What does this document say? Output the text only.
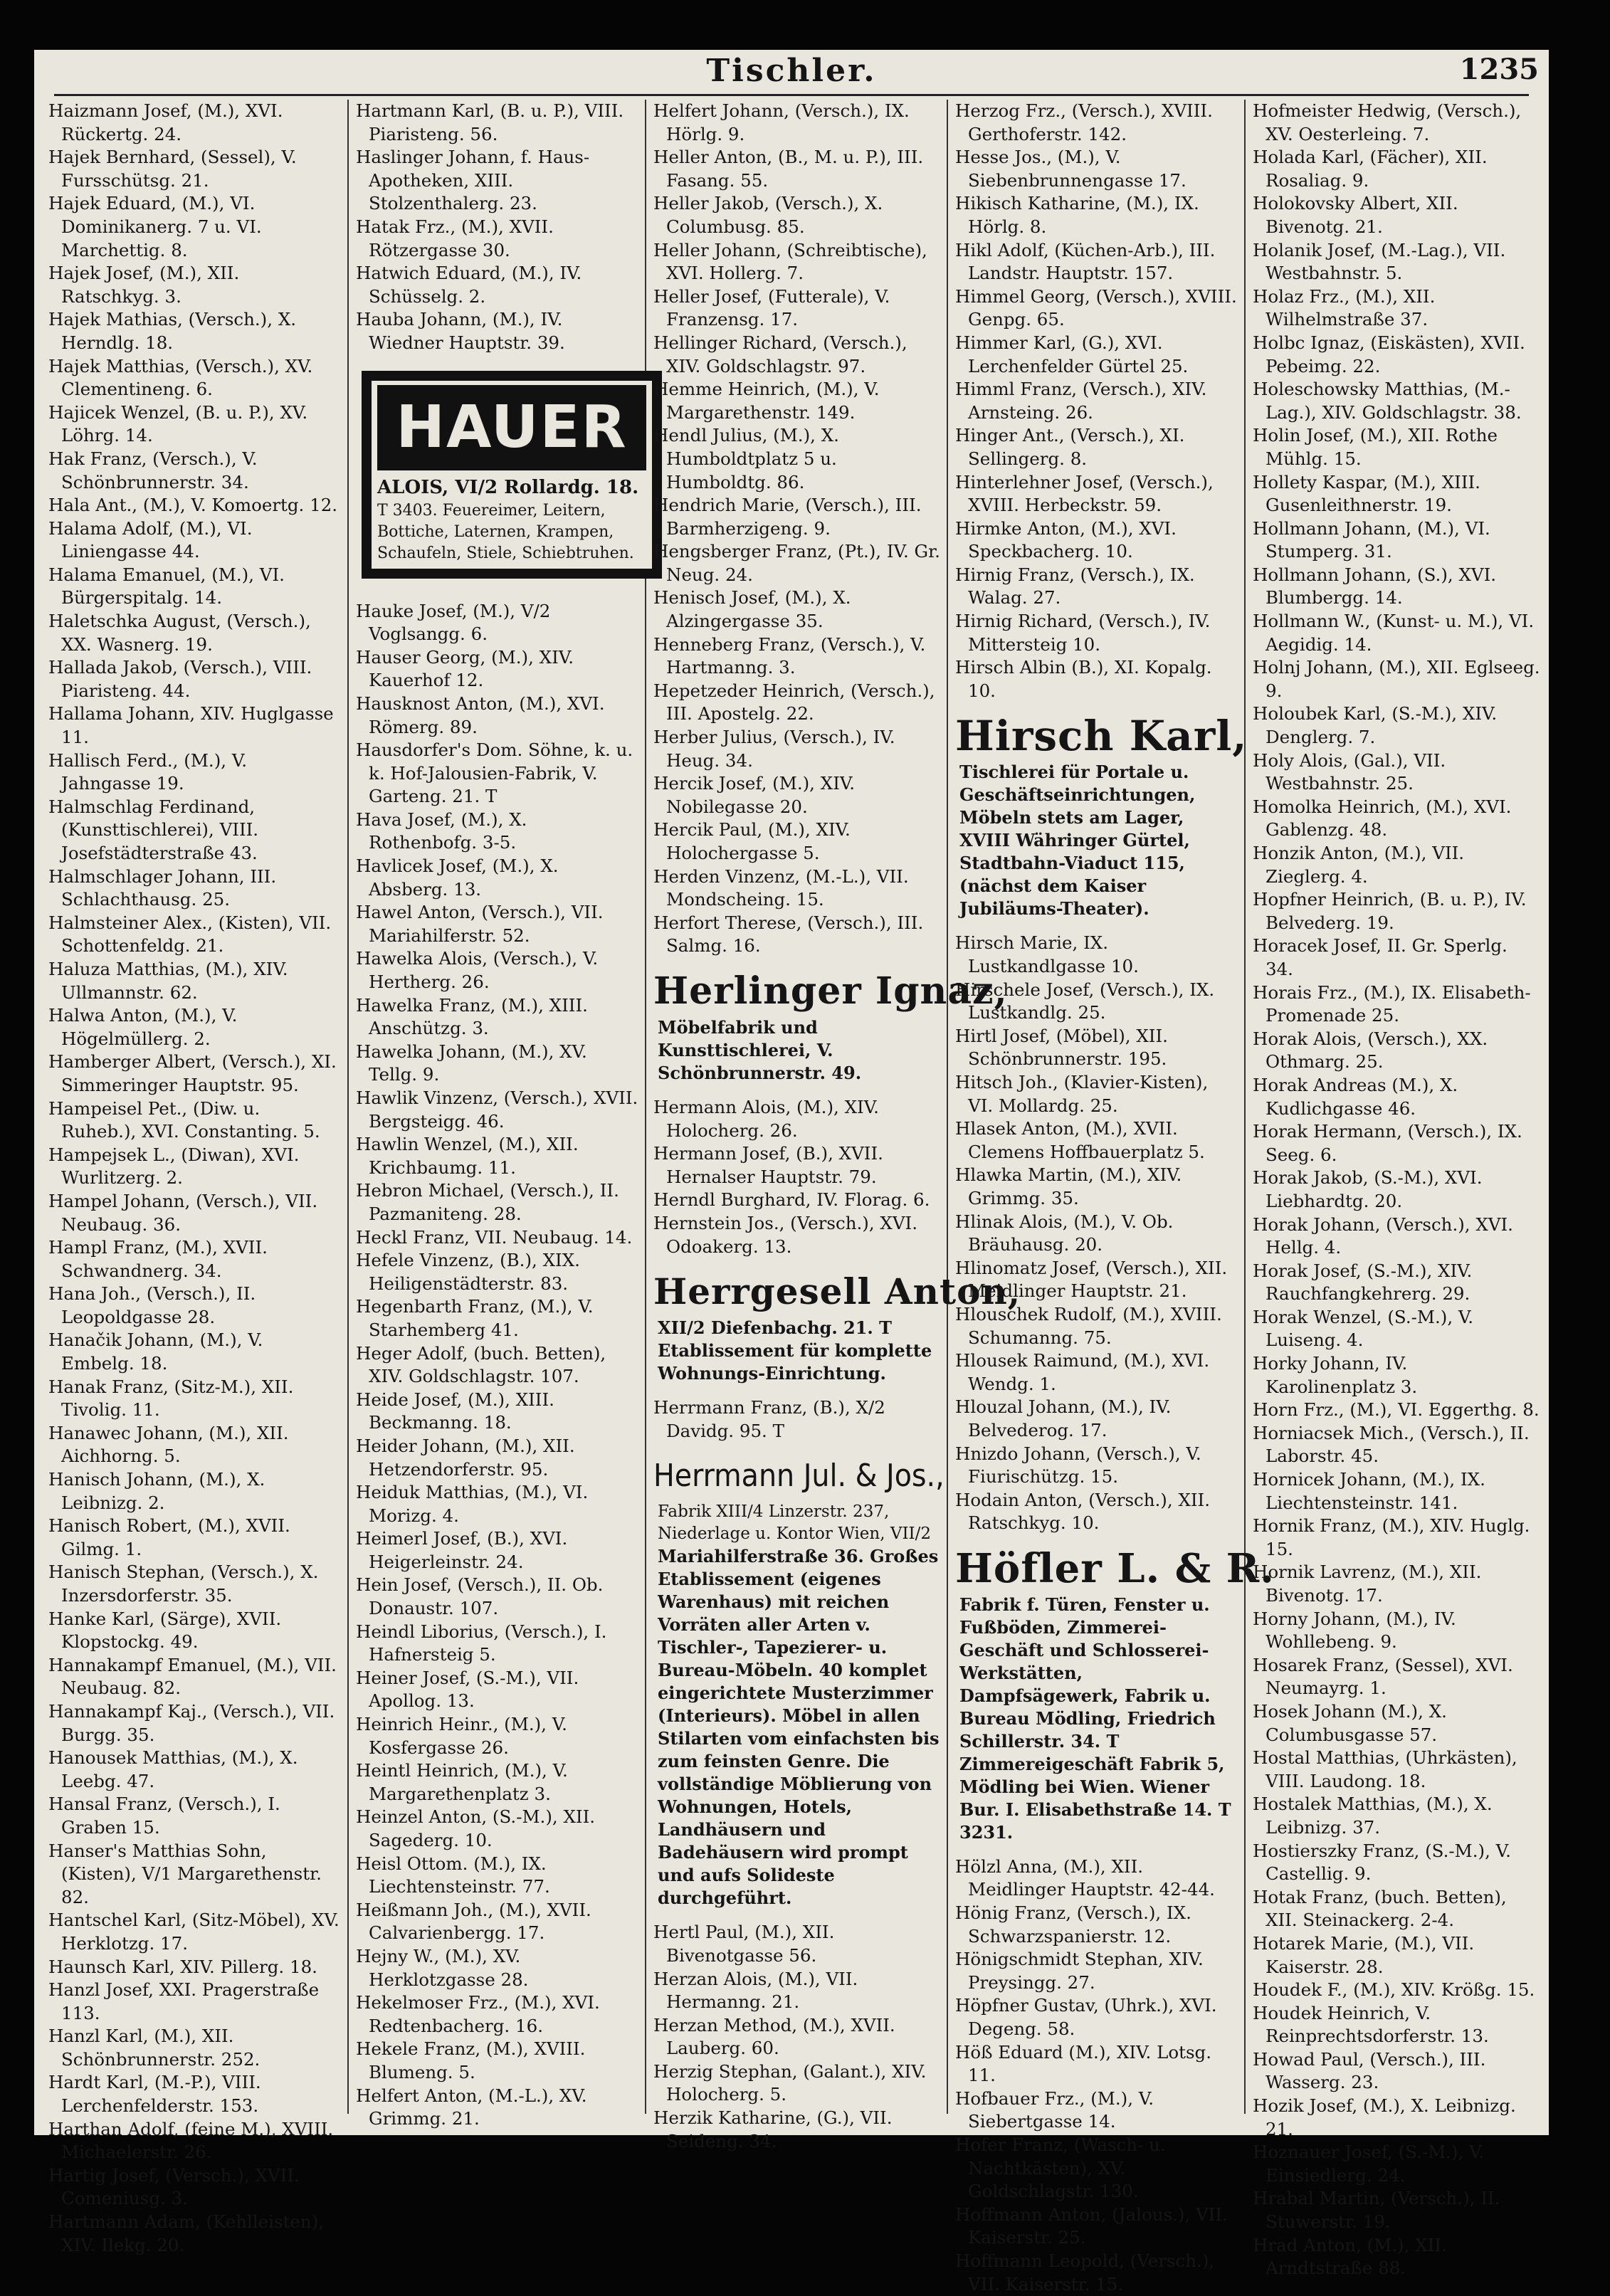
Tischler.	1235
Haizmann Josef, (M.), XVI. Rückertg. 24.
Hajek Bernhard, (Sessel), V. Fursschütsg. 21.
Hajek Eduard, (M.), VI. Dominikanerg. 7 u. VI. Marchettig. 8.
Hajek Josef, (M.), XII. Ratschkyg. 3.
Hajek Mathias, (Versch.), X. Herndlg. 18.
Hajek Matthias, (Versch.), XV. Clementineng. 6.
Hajicek Wenzel, (B. u. P.), XV. Löhrg. 14.
Hak Franz, (Versch.), V. Schönbrunnerstr. 34.
Hala Ant., (M.), V. Komoertg. 12.
Halama Adolf, (M.), VI. Liniengasse 44.
Halama Emanuel, (M.), VI. Bürgerspitalg. 14.
Haletschka August, (Versch.), XX. Wasnerg. 19.
Hallada Jakob, (Versch.), VIII. Piaristeng. 44.
Hallama Johann, XIV. Huglgasse 11.
Hallisch Ferd., (M.), V. Jahngasse 19.
Halmschlag Ferdinand, (Kunsttischlerei), VIII. Josefstädterstraße 43.
Halmschlager Johann, III. Schlachthausg. 25.
Halmsteiner Alex., (Kisten), VII. Schottenfeldg. 21.
Haluza Matthias, (M.), XIV. Ullmannstr. 62.
Halwa Anton, (M.), V. Högelmüllerg. 2.
Hamberger Albert, (Versch.), XI. Simmeringer Hauptstr. 95.
Hampeisel Pet., (Diw. u. Ruheb.), XVI. Constanting. 5.
Hampejsek L., (Diwan), XVI. Wurlitzerg. 2.
Hampel Johann, (Versch.), VII. Neubaug. 36.
Hampl Franz, (M.), XVII. Schwandnerg. 34.
Hana Joh., (Versch.), II. Leopoldgasse 28.
Hanačik Johann, (M.), V. Embelg. 18.
Hanak Franz, (Sitz-M.), XII. Tivolig. 11.
Hanawec Johann, (M.), XII. Aichhorng. 5.
Hanisch Johann, (M.), X. Leibnizg. 2.
Hanisch Robert, (M.), XVII. Gilmg. 1.
Hanisch Stephan, (Versch.), X. Inzersdorferstr. 35.
Hanke Karl, (Särge), XVII. Klopstockg. 49.
Hannakampf Emanuel, (M.), VII. Neubaug. 82.
Hannakampf Kaj., (Versch.), VII. Burgg. 35.
Hanousek Matthias, (M.), X. Leebg. 47.
Hansal Franz, (Versch.), I. Graben 15.
Hanser's Matthias Sohn, (Kisten), V/1 Margarethenstr. 82.
Hantschel Karl, (Sitz-Möbel), XV. Herklotzg. 17.
Haunsch Karl, XIV. Pillerg. 18.
Hanzl Josef, XXI. Pragerstraße 113.
Hanzl Karl, (M.), XII. Schönbrunnerstr. 252.
Hardt Karl, (M.-P.), VIII. Lerchenfelderstr. 153.
Harthan Adolf, (feine M.), XVIII. Michaelerstr. 26.
Hartig Josef, (Versch.), XVII. Comeniusg. 3.
Hartmann Adam, (Kehlleisten), XIV. Ilekg. 20.
Hartmann Karl, (B. u. P.), VIII. Piaristeng. 56.
Haslinger Johann, f. Haus-Apotheken, XIII. Stolzenthalerg. 23.
Hatak Frz., (M.), XVII. Rötzergasse 30.
Hatwich Eduard, (M.), IV. Schüsselg. 2.
Hauba Johann, (M.), IV. Wiedner Hauptstr. 39.
HAUER
ALOIS, VI/2 Rollardg. 18.
T 3403. Feuereimer, Leitern, Bottiche, Laternen, Krampen, Schaufeln, Stiele, Schiebtruhen.
Hauke Josef, (M.), V/2 Voglsangg. 6.
Hauser Georg, (M.), XIV. Kauerhof 12.
Hausknost Anton, (M.), XVI. Römerg. 89.
Hausdorfer's Dom. Söhne, k. u. k. Hof-Jalousien-Fabrik, V. Garteng. 21. T
Hava Josef, (M.), X. Rothenbofg. 3-5.
Havlicek Josef, (M.), X. Absberg. 13.
Hawel Anton, (Versch.), VII. Mariahilferstr. 52.
Hawelka Alois, (Versch.), V. Hertherg. 26.
Hawelka Franz, (M.), XIII. Anschützg. 3.
Hawelka Johann, (M.), XV. Tellg. 9.
Hawlik Vinzenz, (Versch.), XVII. Bergsteigg. 46.
Hawlin Wenzel, (M.), XII. Krichbaumg. 11.
Hebron Michael, (Versch.), II. Pazmaniteng. 28.
Heckl Franz, VII. Neubaug. 14.
Hefele Vinzenz, (B.), XIX. Heiligenstädterstr. 83.
Hegenbarth Franz, (M.), V. Starhemberg 41.
Heger Adolf, (buch. Betten), XIV. Goldschlagstr. 107.
Heide Josef, (M.), XIII. Beckmanng. 18.
Heider Johann, (M.), XII. Hetzendorferstr. 95.
Heiduk Matthias, (M.), VI. Morizg. 4.
Heimerl Josef, (B.), XVI. Heigerleinstr. 24.
Hein Josef, (Versch.), II. Ob. Donaustr. 107.
Heindl Liborius, (Versch.), I. Hafnersteig 5.
Heiner Josef, (S.-M.), VII. Apollog. 13.
Heinrich Heinr., (M.), V. Kosfergasse 26.
Heintl Heinrich, (M.), V. Margarethenplatz 3.
Heinzel Anton, (S.-M.), XII. Sagederg. 10.
Heisl Ottom. (M.), IX. Liechtensteinstr. 77.
Heißmann Joh., (M.), XVII. Calvarienbergg. 17.
Hejny W., (M.), XV. Herklotzgasse 28.
Hekelmoser Frz., (M.), XVI. Redtenbacherg. 16.
Hekele Franz, (M.), XVIII. Blumeng. 5.
Helfert Anton, (M.-L.), XV. Grimmg. 21.
Helfert Johann, (Versch.), IX. Hörlg. 9.
Heller Anton, (B., M. u. P.), III. Fasang. 55.
Heller Jakob, (Versch.), X. Columbusg. 85.
Heller Johann, (Schreibtische), XVI. Hollerg. 7.
Heller Josef, (Futterale), V. Franzensg. 17.
Hellinger Richard, (Versch.), XIV. Goldschlagstr. 97.
Hemme Heinrich, (M.), V. Margarethenstr. 149.
Hendl Julius, (M.), X. Humboldtplatz 5 u. Humboldtg. 86.
Hendrich Marie, (Versch.), III. Barmherzigeng. 9.
Hengsberger Franz, (Pt.), IV. Gr. Neug. 24.
Henisch Josef, (M.), X. Alzingergasse 35.
Henneberg Franz, (Versch.), V. Hartmanng. 3.
Hepetzeder Heinrich, (Versch.), III. Apostelg. 22.
Herber Julius, (Versch.), IV. Heug. 34.
Hercik Josef, (M.), XIV. Nobilegasse 20.
Hercik Paul, (M.), XIV. Holochergasse 5.
Herden Vinzenz, (M.-L.), VII. Mondscheing. 15.
Herfort Therese, (Versch.), III. Salmg. 16.
Herlinger Ignaz,
Möbelfabrik und Kunsttischlerei, V. Schönbrunnerstr. 49.
Hermann Alois, (M.), XIV. Holocherg. 26.
Hermann Josef, (B.), XVII. Hernalser Hauptstr. 79.
Herndl Burghard, IV. Florag. 6.
Hernstein Jos., (Versch.), XVI. Odoakerg. 13.
Herrgesell Anton,
XII/2 Diefenbachg. 21. T Etablissement für komplette Wohnungs-Einrichtung.
Herrmann Franz, (B.), X/2 Davidg. 95. T
Herrmann Jul. & Jos.,
Fabrik XIII/4 Linzerstr. 237, Niederlage u. Kontor Wien, VII/2
Mariahilferstraße 36. Großes Etablissement (eigenes Warenhaus) mit reichen Vorräten aller Arten v. Tischler-, Tapezierer- u. Bureau-Möbeln. 40 komplet eingerichtete Musterzimmer (Interieurs). Möbel in allen Stilarten vom einfachsten bis zum feinsten Genre. Die vollständige Möblierung von Wohnungen, Hotels, Landhäusern und Badehäusern wird prompt und aufs Solideste durchgeführt.
Hertl Paul, (M.), XII. Bivenotgasse 56.
Herzan Alois, (M.), VII. Hermanng. 21.
Herzan Method, (M.), XVII. Lauberg. 60.
Herzig Stephan, (Galant.), XIV. Holocherg. 5.
Herzik Katharine, (G.), VII. Seideng. 34.
Herzog Frz., (Versch.), XVIII. Gerthoferstr. 142.
Hesse Jos., (M.), V. Siebenbrunnengasse 17.
Hikisch Katharine, (M.), IX. Hörlg. 8.
Hikl Adolf, (Küchen-Arb.), III. Landstr. Hauptstr. 157.
Himmel Georg, (Versch.), XVIII. Genpg. 65.
Himmer Karl, (G.), XVI. Lerchenfelder Gürtel 25.
Himml Franz, (Versch.), XIV. Arnsteing. 26.
Hinger Ant., (Versch.), XI. Sellingerg. 8.
Hinterlehner Josef, (Versch.), XVIII. Herbeckstr. 59.
Hirmke Anton, (M.), XVI. Speckbacherg. 10.
Hirnig Franz, (Versch.), IX. Walag. 27.
Hirnig Richard, (Versch.), IV. Mittersteig 10.
Hirsch Albin (B.), XI. Kopalg. 10.
Hirsch Karl,
Tischlerei für Portale u. Geschäftseinrichtungen, Möbeln stets am Lager, XVIII Währinger Gürtel, Stadtbahn-Viaduct 115, (nächst dem Kaiser Jubiläums-Theater).
Hirsch Marie, IX. Lustkandlgasse 10.
Hirschele Josef, (Versch.), IX. Lustkandlg. 25.
Hirtl Josef, (Möbel), XII. Schönbrunnerstr. 195.
Hitsch Joh., (Klavier-Kisten), VI. Mollardg. 25.
Hlasek Anton, (M.), XVII. Clemens Hoffbauerplatz 5.
Hlawka Martin, (M.), XIV. Grimmg. 35.
Hlinak Alois, (M.), V. Ob. Bräuhausg. 20.
Hlinomatz Josef, (Versch.), XII. Meidlinger Hauptstr. 21.
Hlouschek Rudolf, (M.), XVIII. Schumanng. 75.
Hlousek Raimund, (M.), XVI. Wendg. 1.
Hlouzal Johann, (M.), IV. Belvederog. 17.
Hnizdo Johann, (Versch.), V. Fiurischützg. 15.
Hodain Anton, (Versch.), XII. Ratschkyg. 10.
Höfler L. & R.
Fabrik f. Türen, Fenster u. Fußböden, Zimmerei-Geschäft und Schlosserei-Werkstätten, Dampfsägewerk, Fabrik u. Bureau Mödling, Friedrich Schillerstr. 34. T Zimmereigeschäft Fabrik 5, Mödling bei Wien. Wiener Bur. I. Elisabethstraße 14. T 3231.
Hölzl Anna, (M.), XII. Meidlinger Hauptstr. 42-44.
Hönig Franz, (Versch.), IX. Schwarzspanierstr. 12.
Hönigschmidt Stephan, XIV. Preysingg. 27.
Höpfner Gustav, (Uhrk.), XVI. Degeng. 58.
Höß Eduard (M.), XIV. Lotsg. 11.
Hofbauer Frz., (M.), V. Siebertgasse 14.
Hofer Franz, (Wasch- u. Nachtkästen), XV. Goldschlagstr. 130.
Hoffmann Anton, (Jalous.), VII. Kaiserstr. 25.
Hoffmann Leopold, (Versch.), VII. Kaiserstr. 15.
Hofmeister Hedwig, (Versch.), XV. Oesterleing. 7.
Holada Karl, (Fächer), XII. Rosaliag. 9.
Holokovsky Albert, XII. Bivenotg. 21.
Holanik Josef, (M.-Lag.), VII. Westbahnstr. 5.
Holaz Frz., (M.), XII. Wilhelmstraße 37.
Holbc Ignaz, (Eiskästen), XVII. Pebeimg. 22.
Holeschowsky Matthias, (M.-Lag.), XIV. Goldschlagstr. 38.
Holin Josef, (M.), XII. Rothe Mühlg. 15.
Hollety Kaspar, (M.), XIII. Gusenleithnerstr. 19.
Hollmann Johann, (M.), VI. Stumperg. 31.
Hollmann Johann, (S.), XVI. Blumbergg. 14.
Hollmann W., (Kunst- u. M.), VI. Aegidig. 14.
Holnj Johann, (M.), XII. Eglseeg. 9.
Holoubek Karl, (S.-M.), XIV. Denglerg. 7.
Holy Alois, (Gal.), VII. Westbahnstr. 25.
Homolka Heinrich, (M.), XVI. Gablenzg. 48.
Honzik Anton, (M.), VII. Zieglerg. 4.
Hopfner Heinrich, (B. u. P.), IV. Belvederg. 19.
Horacek Josef, II. Gr. Sperlg. 34.
Horais Frz., (M.), IX. Elisabeth-Promenade 25.
Horak Alois, (Versch.), XX. Othmarg. 25.
Horak Andreas (M.), X. Kudlichgasse 46.
Horak Hermann, (Versch.), IX. Seeg. 6.
Horak Jakob, (S.-M.), XVI. Liebhardtg. 20.
Horak Johann, (Versch.), XVI. Hellg. 4.
Horak Josef, (S.-M.), XIV. Rauchfangkehrerg. 29.
Horak Wenzel, (S.-M.), V. Luiseng. 4.
Horky Johann, IV. Karolinenplatz 3.
Horn Frz., (M.), VI. Eggerthg. 8.
Horniacsek Mich., (Versch.), II. Laborstr. 45.
Hornicek Johann, (M.), IX. Liechtensteinstr. 141.
Hornik Franz, (M.), XIV. Huglg. 15.
Hornik Lavrenz, (M.), XII. Bivenotg. 17.
Horny Johann, (M.), IV. Wohllebeng. 9.
Hosarek Franz, (Sessel), XVI. Neumayrg. 1.
Hosek Johann (M.), X. Columbusgasse 57.
Hostal Matthias, (Uhrkästen), VIII. Laudong. 18.
Hostalek Matthias, (M.), X. Leibnizg. 37.
Hostierszky Franz, (S.-M.), V. Castellig. 9.
Hotak Franz, (buch. Betten), XII. Steinackerg. 2-4.
Hotarek Marie, (M.), VII. Kaiserstr. 28.
Houdek F., (M.), XIV. Krößg. 15.
Houdek Heinrich, V. Reinprechtsdorferstr. 13.
Howad Paul, (Versch.), III. Wasserg. 23.
Hozik Josef, (M.), X. Leibnizg. 21.
Hoznauer Josef, (S.-M.), V. Einsiedlerg. 24.
Hrabal Martin, (Versch.), II. Stuwerstr. 19.
Hrad Anton, (M.), XII. Arndtstraße 88.
